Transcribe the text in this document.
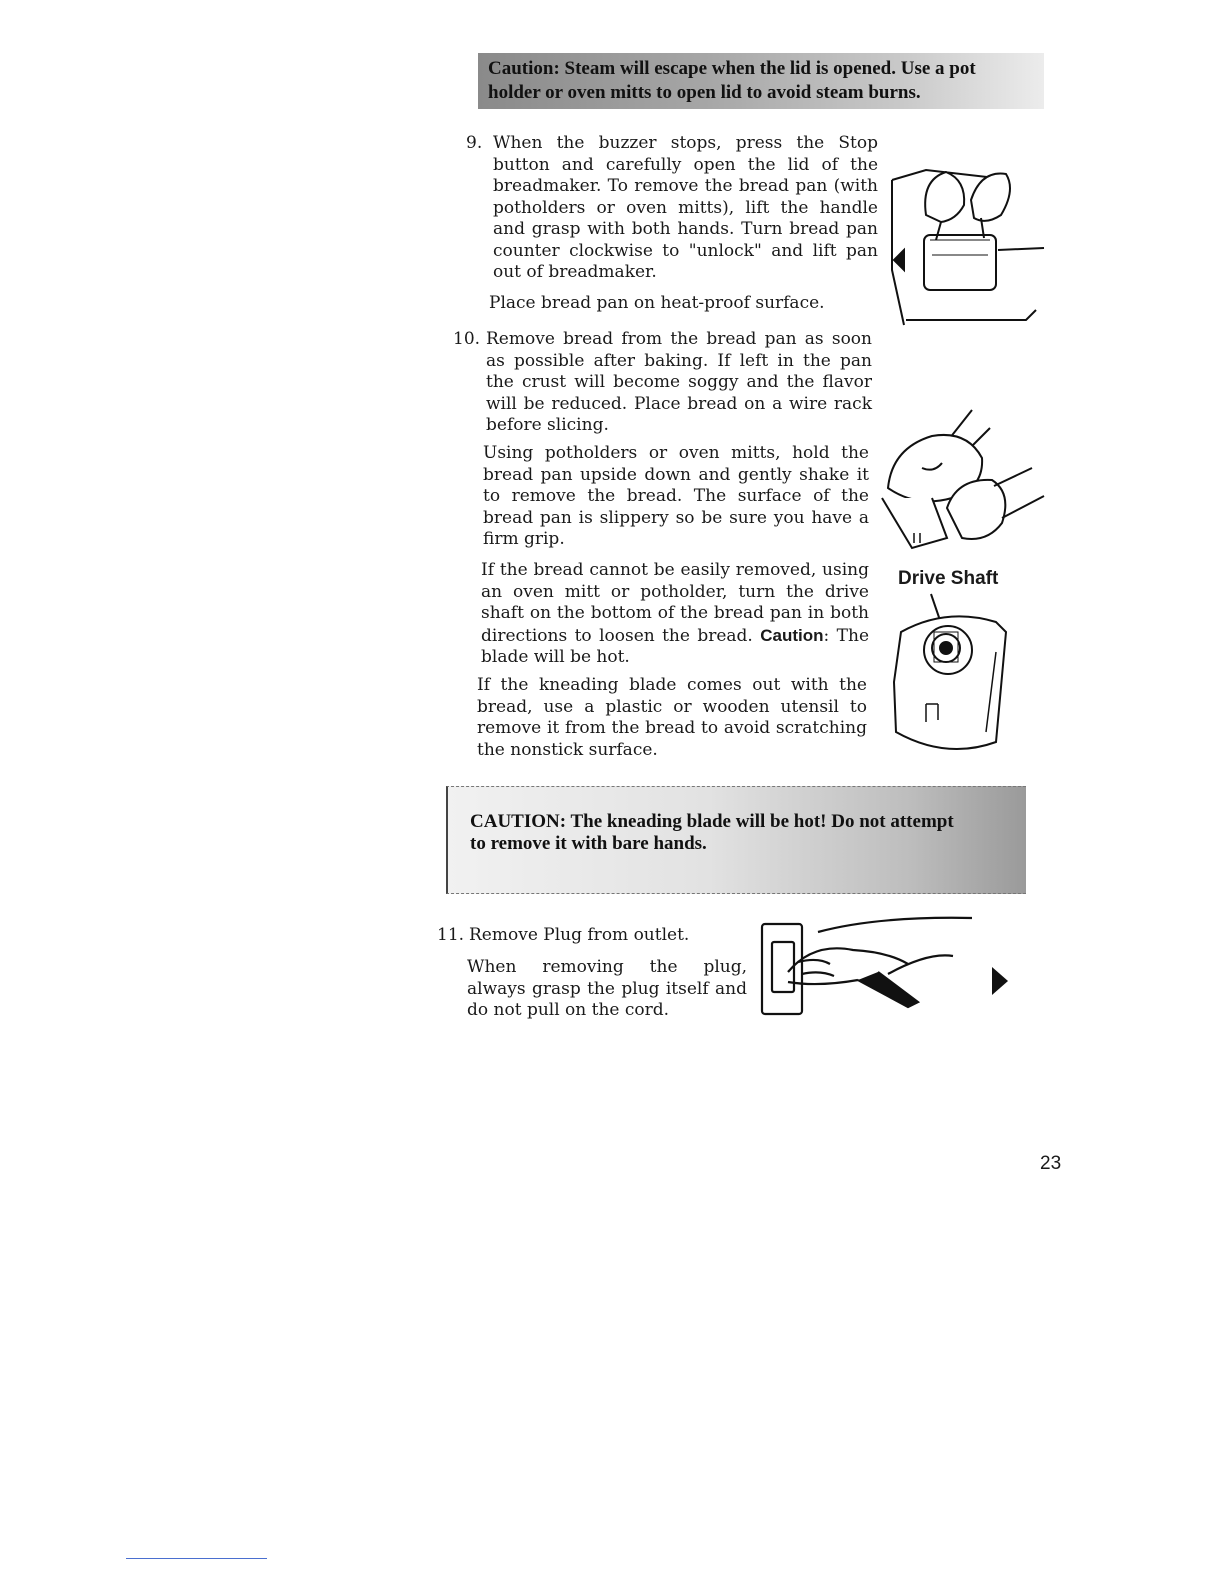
Caution: Steam will escape when the lid is opened. Use a pot
holder or oven mitts to open lid to avoid steam burns.
9. When the buzzer stops, press the Stop button and carefully open the lid of the breadmaker. To remove the bread pan (with potholders or oven mitts), lift the handle and grasp with both hands. Turn bread pan counter clockwise to "unlock" and lift pan out of breadmaker.
Place bread pan on heat-proof surface.
10. Remove bread from the bread pan as soon as possible after baking. If left in the pan the crust will become soggy and the flavor will be reduced. Place bread on a wire rack before slicing.
Using potholders or oven mitts, hold the bread pan upside down and gently shake it to remove the bread. The surface of the bread pan is slippery so be sure you have a firm grip.
If the bread cannot be easily removed, using an oven mitt or potholder, turn the drive shaft on the bottom of the bread pan in both directions to loosen the bread. Caution: The blade will be hot.
If the kneading blade comes out with the bread, use a plastic or wooden utensil to remove it from the bread to avoid scratching the nonstick surface.
Drive Shaft
CAUTION: The kneading blade will be hot! Do not attempt
to remove it with bare hands.
11. Remove Plug from outlet.
When removing the plug, always grasp the plug itself and do not pull on the cord.
23
